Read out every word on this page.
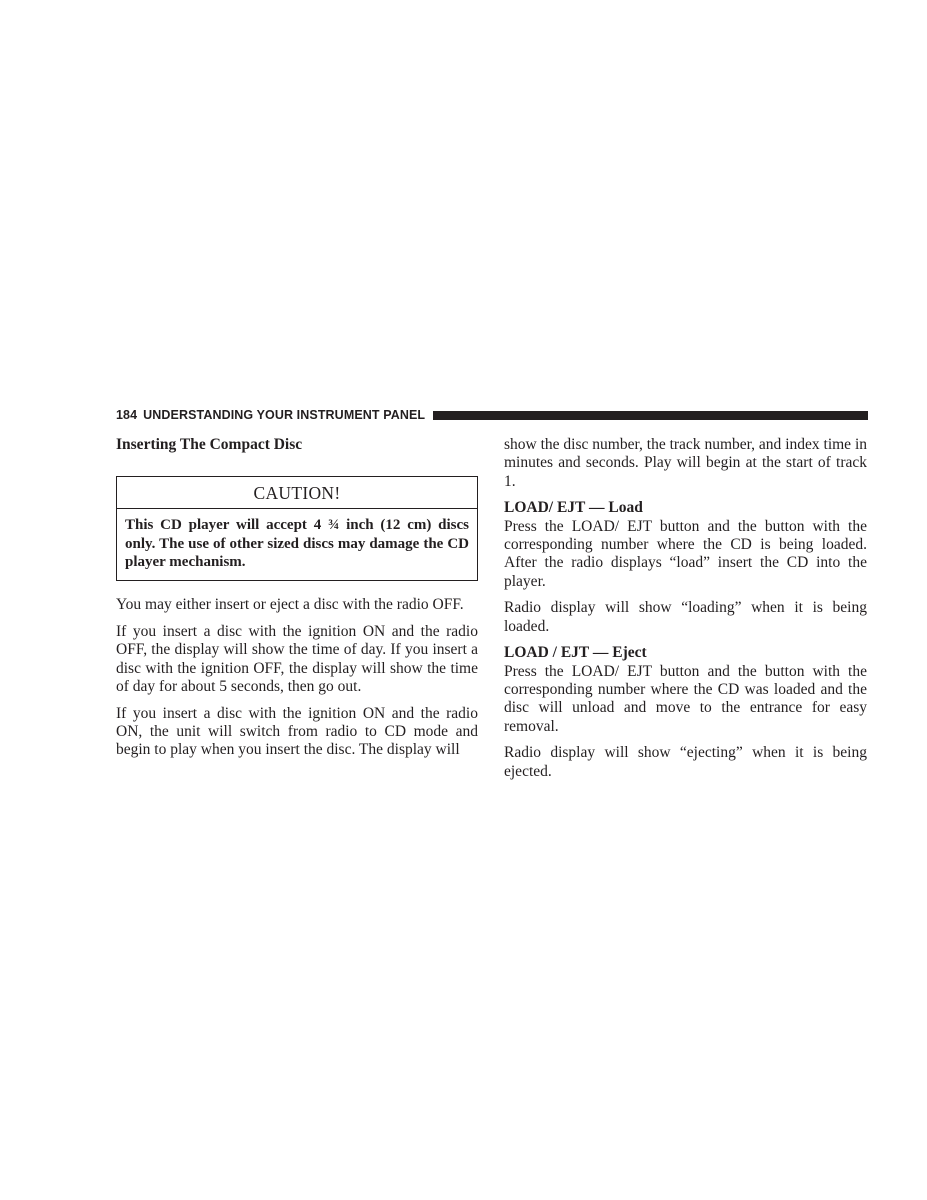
184 UNDERSTANDING YOUR INSTRUMENT PANEL
Inserting The Compact Disc
CAUTION!
This CD player will accept 4 ¾ inch (12 cm) discs only. The use of other sized discs may damage the CD player mechanism.

You may either insert or eject a disc with the radio OFF.

If you insert a disc with the ignition ON and the radio OFF, the display will show the time of day. If you insert a disc with the ignition OFF, the display will show the time of day for about 5 seconds, then go out.

If you insert a disc with the ignition ON and the radio ON, the unit will switch from radio to CD mode and begin to play when you insert the disc. The display will

show the disc number, the track number, and index time in minutes and seconds. Play will begin at the start of track 1.

LOAD/ EJT — Load

Press the LOAD/ EJT button and the button with the corresponding number where the CD is being loaded. After the radio displays “load” insert the CD into the player.

Radio display will show “loading” when it is being loaded.

LOAD / EJT — Eject

Press the LOAD/ EJT button and the button with the corresponding number where the CD was loaded and the disc will unload and move to the entrance for easy removal.

Radio display will show “ejecting” when it is being ejected.
